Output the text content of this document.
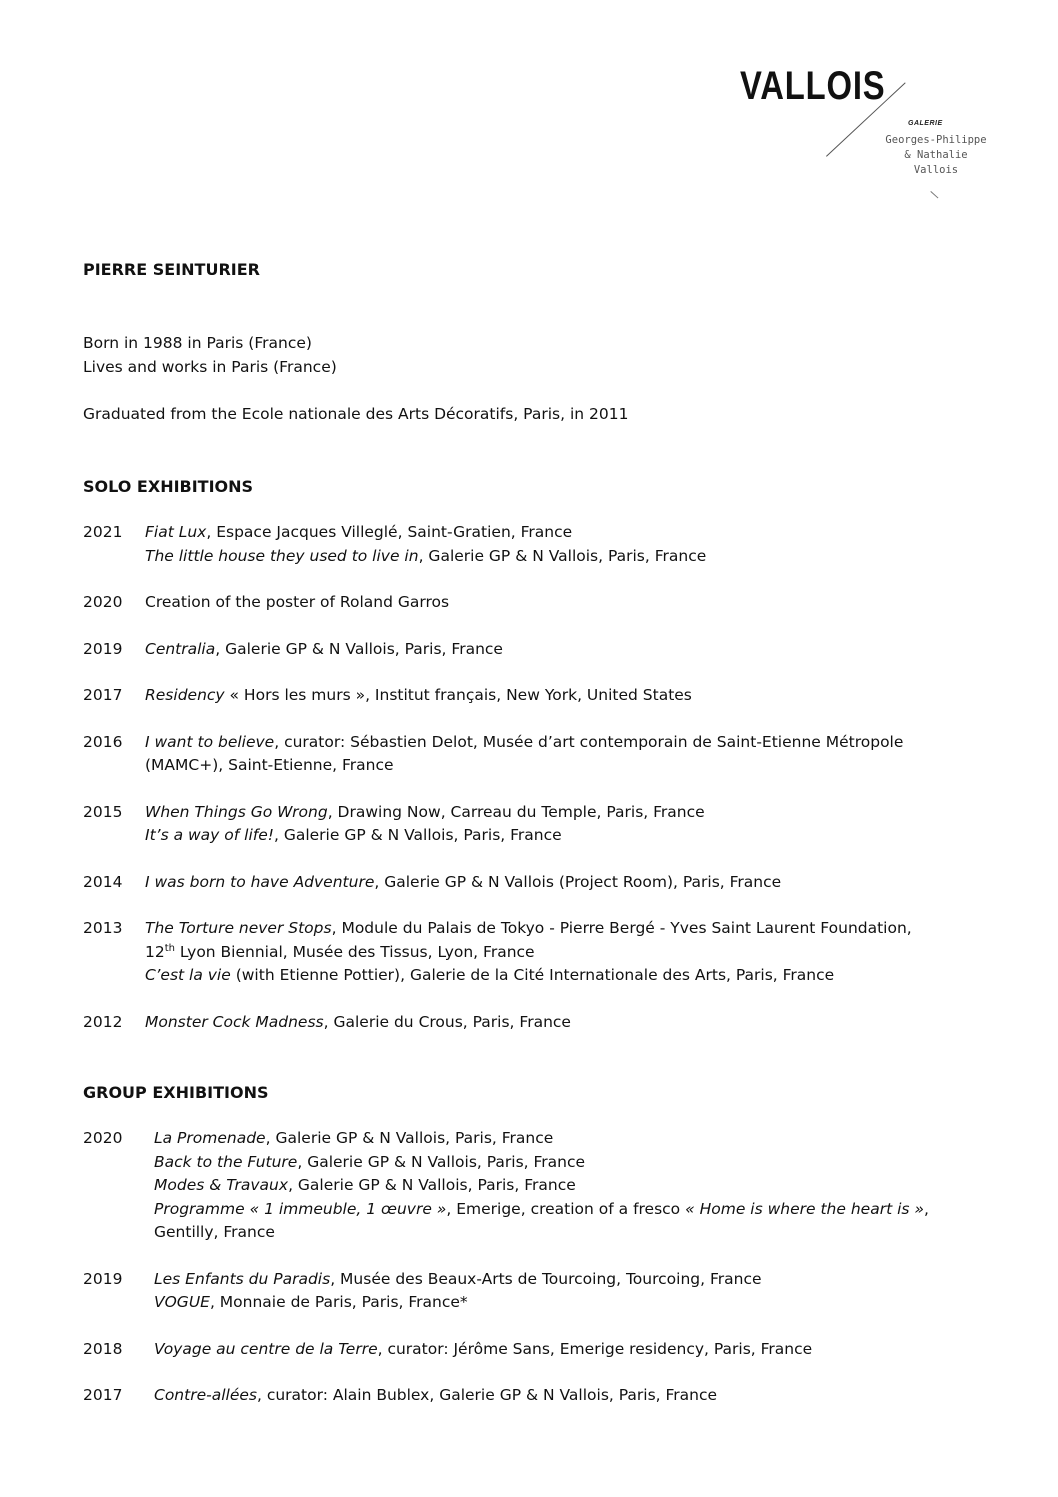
VALLOIS
GALERIE
Georges-Philippe
& Nathalie
Vallois

PIERRE SEINTURIER

Born in 1988 in Paris (France)

Lives and works in Paris (France)

Graduated from the Ecole nationale des Arts Décoratifs, Paris, in 2011

SOLO EXHIBITIONS

2021	Fiat Lux, Espace Jacques Villeglé, Saint-Gratien, France
The little house they used to live in, Galerie GP & N Vallois, Paris, France
2020	Creation of the poster of Roland Garros
2019	Centralia, Galerie GP & N Vallois, Paris, France
2017	Residency « Hors les murs », Institut français, New York, United States
2016	I want to believe, curator: Sébastien Delot, Musée d’art contemporain de Saint-Etienne Métropole
(MAMC+), Saint-Etienne, France
2015	When Things Go Wrong, Drawing Now, Carreau du Temple, Paris, France
It’s a way of life!, Galerie GP & N Vallois, Paris, France
2014	I was born to have Adventure, Galerie GP & N Vallois (Project Room), Paris, France
2013	The Torture never Stops, Module du Palais de Tokyo - Pierre Bergé - Yves Saint Laurent Foundation,
12th Lyon Biennial, Musée des Tissus, Lyon, France
C’est la vie (with Etienne Pottier), Galerie de la Cité Internationale des Arts, Paris, France
2012	Monster Cock Madness, Galerie du Crous, Paris, France

GROUP EXHIBITIONS

2020	La Promenade, Galerie GP & N Vallois, Paris, France
Back to the Future, Galerie GP & N Vallois, Paris, France
Modes & Travaux, Galerie GP & N Vallois, Paris, France
Programme « 1 immeuble, 1 œuvre », Emerige, creation of a fresco « Home is where the heart is »,
Gentilly, France
2019	Les Enfants du Paradis, Musée des Beaux-Arts de Tourcoing, Tourcoing, France
VOGUE, Monnaie de Paris, Paris, France*
2018	Voyage au centre de la Terre, curator: Jérôme Sans, Emerige residency, Paris, France
2017	Contre-allées, curator: Alain Bublex, Galerie GP & N Vallois, Paris, France
